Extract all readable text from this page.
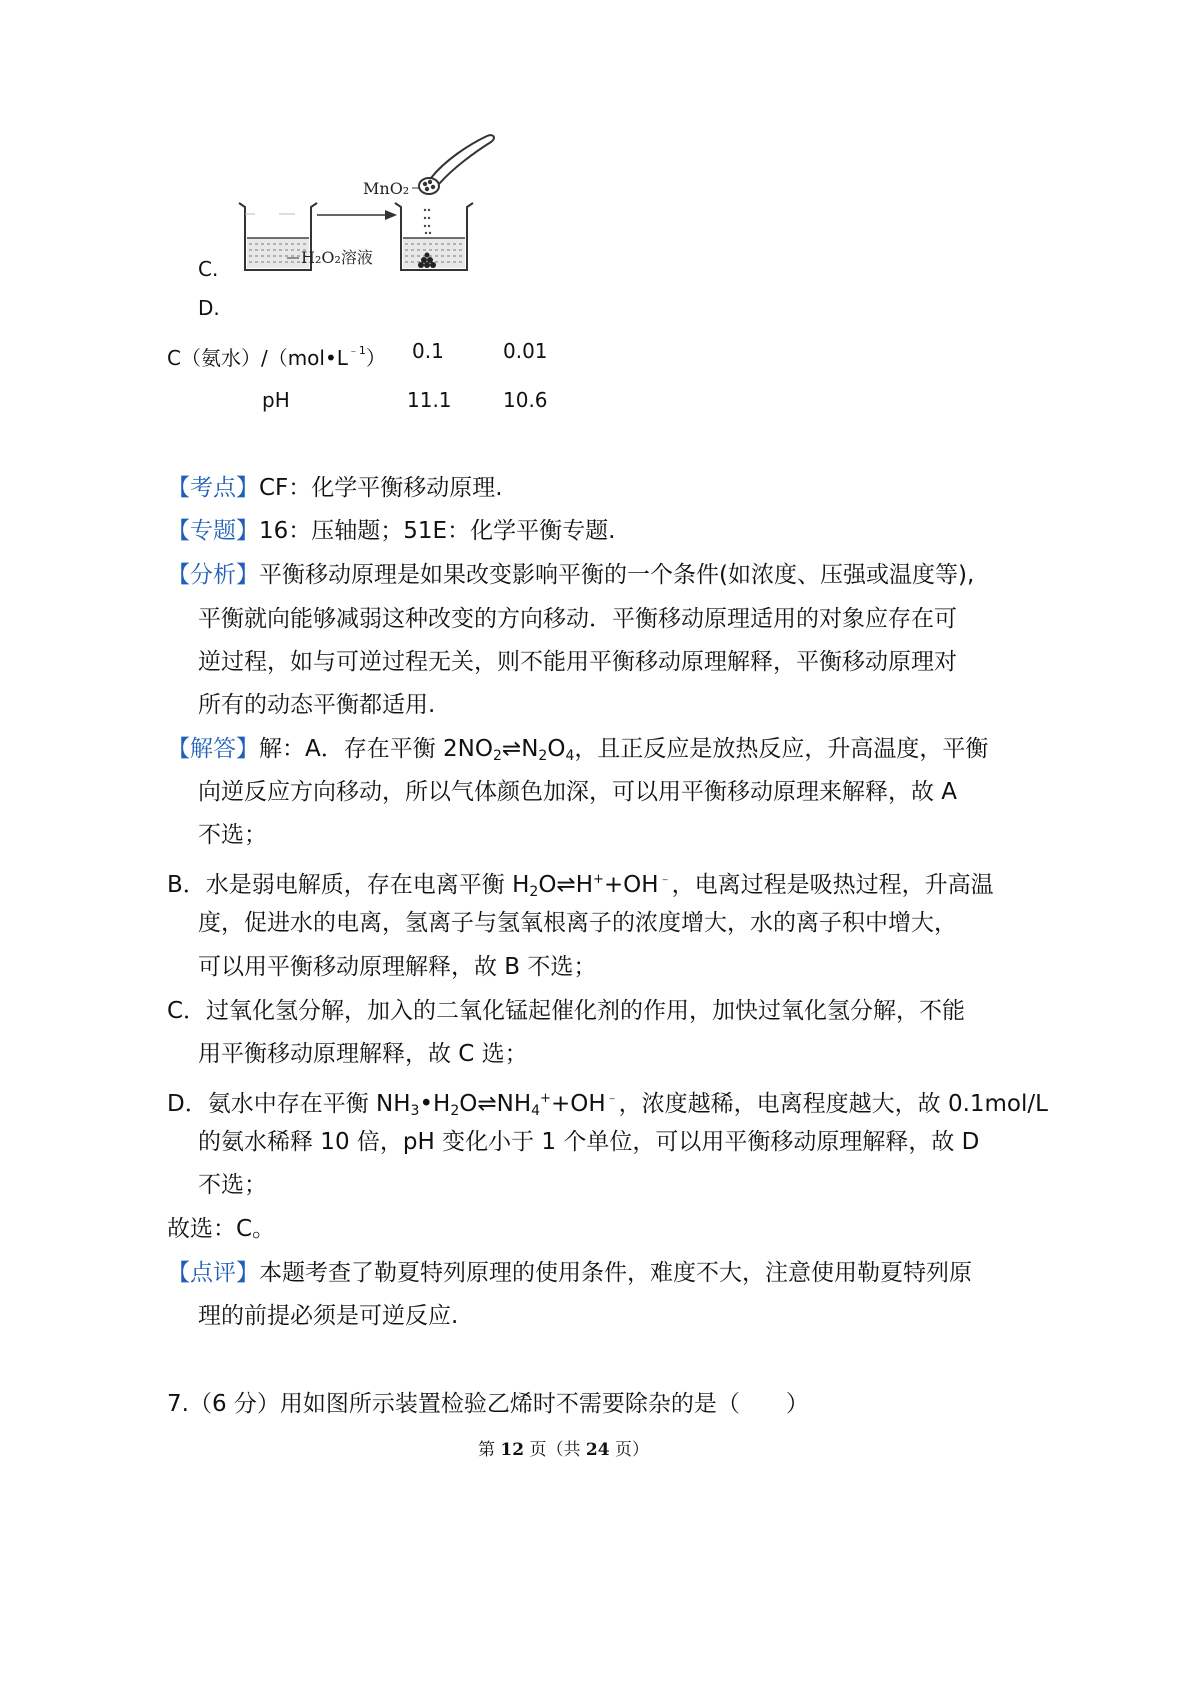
MnO₂
H₂O₂溶液
C.
D.
C（氨水）$/(mol•L^{﹣1})$ 0.1	0.01
pH	11.1	10.6
【考点】CF：化学平衡移动原理.
【专题】16：压轴题；51E：化学平衡专题.
【分析】平衡移动原理是如果改变影响平衡的一个条件(如浓度、压强或温度等),
平衡就向能够减弱这种改变的方向移动．平衡移动原理适用的对象应存在可
逆过程，如与可逆过程无关，则不能用平衡移动原理解释，平衡移动原理对
所有的动态平衡都适用.
【解答】解：A．存在平衡 $2NO_2\rightleftharpoons N_2O_4$，且正反应是放热反应，升高温度，平衡
向逆反应方向移动，所以气体颜色加深，可以用平衡移动原理来解释，故 A
不选；
B．水是弱电解质，存在电离平衡 $H_2O\rightleftharpoons H^++OH^﹣$，电离过程是吸热过程，升高温
度，促进水的电离，氢离子与氢氧根离子的浓度增大，水的离子积中增大，
可以用平衡移动原理解释，故 B 不选；
C．过氧化氢分解，加入的二氧化锰起催化剂的作用，加快过氧化氢分解，不能
用平衡移动原理解释，故 C 选；
D．氨水中存在平衡 $NH_3•H_2O\rightleftharpoons NH_4^++OH^﹣$，浓度越稀，电离程度越大，故 0.1mol/L
的氨水稀释 10 倍，pH 变化小于 1 个单位，可以用平衡移动原理解释，故 D
不选；
故选：C。
【点评】本题考查了勒夏特列原理的使用条件，难度不大，注意使用勒夏特列原
理的前提必须是可逆反应.
7.（6 分）用如图所示装置检验乙烯时不需要除杂的是（　　）
第 12 页（共 24 页）
